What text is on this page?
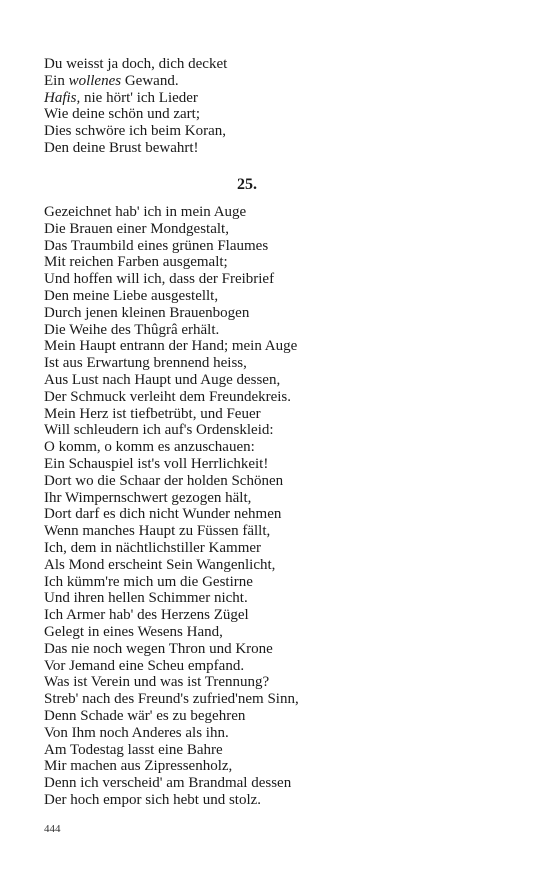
Du weisst ja doch, dich decket
Ein wollenes Gewand.
Hafis, nie hört' ich Lieder
Wie deine schön und zart;
Dies schwöre ich beim Koran,
Den deine Brust bewahrt!
25.
Gezeichnet hab' ich in mein Auge
Die Brauen einer Mondgestalt,
Das Traumbild eines grünen Flaumes
Mit reichen Farben ausgemalt;
Und hoffen will ich, dass der Freibrief
Den meine Liebe ausgestellt,
Durch jenen kleinen Brauenbogen
Die Weihe des Thûgrâ erhält.
Mein Haupt entrann der Hand; mein Auge
Ist aus Erwartung brennend heiss,
Aus Lust nach Haupt und Auge dessen,
Der Schmuck verleiht dem Freundekreis.
Mein Herz ist tiefbetrübt, und Feuer
Will schleudern ich auf's Ordenskleid:
O komm, o komm es anzuschauen:
Ein Schauspiel ist's voll Herrlichkeit!
Dort wo die Schaar der holden Schönen
Ihr Wimpernschwert gezogen hält,
Dort darf es dich nicht Wunder nehmen
Wenn manches Haupt zu Füssen fällt,
Ich, dem in nächtlichstiller Kammer
Als Mond erscheint Sein Wangenlicht,
Ich kümm're mich um die Gestirne
Und ihren hellen Schimmer nicht.
Ich Armer hab' des Herzens Zügel
Gelegt in eines Wesens Hand,
Das nie noch wegen Thron und Krone
Vor Jemand eine Scheu empfand.
Was ist Verein und was ist Trennung?
Streb' nach des Freund's zufried'nem Sinn,
Denn Schade wär' es zu begehren
Von Ihm noch Anderes als ihn.
Am Todestag lasst eine Bahre
Mir machen aus Zipressenholz,
Denn ich verscheid' am Brandmal dessen
Der hoch empor sich hebt und stolz.
444
